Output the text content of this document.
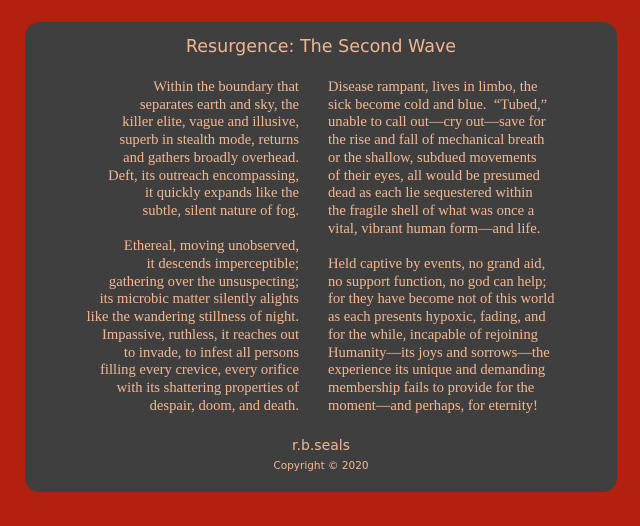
Resurgence: The Second Wave

Within the boundary that
separates earth and sky, the
killer elite, vague and illusive,
superb in stealth mode, returns
and gathers broadly overhead.
Deft, its outreach encompassing,
it quickly expands like the
subtle, silent nature of fog.

Ethereal, moving unobserved,
it descends imperceptible;
gathering over the unsuspecting;
its microbic matter silently alights
like the wandering stillness of night.
Impassive, ruthless, it reaches out
to invade, to infest all persons
filling every crevice, every orifice
with its shattering properties of
despair, doom, and death.

Disease rampant, lives in limbo, the
sick become cold and blue.  “Tubed,”
unable to call out—cry out—save for
the rise and fall of mechanical breath
or the shallow, subdued movements
of their eyes, all would be presumed
dead as each lie sequestered within
the fragile shell of what was once a
vital, vibrant human form—and life.

Held captive by events, no grand aid,
no support function, no god can help;
for they have become not of this world
as each presents hypoxic, fading, and
for the while, incapable of rejoining
Humanity—its joys and sorrows—the
experience its unique and demanding
membership fails to provide for the
moment—and perhaps, for eternity!

r.b.seals
Copyright © 2020
